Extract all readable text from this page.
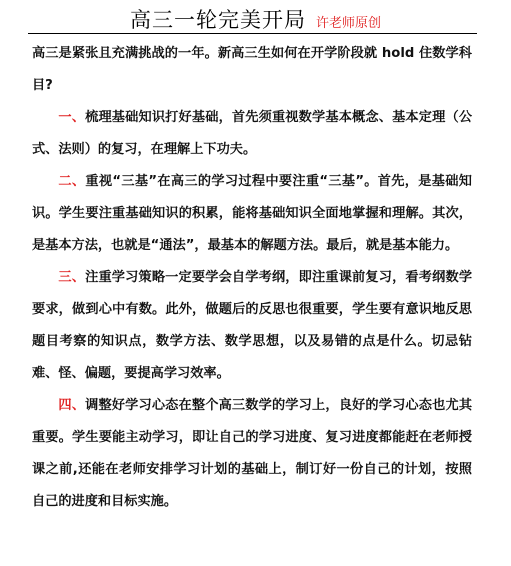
高三一轮完美开局 许老师原创

高三是紧张且充满挑战的一年。新高三生如何在开学阶段就 hold 住数学科目?

一、梳理基础知识打好基础，首先须重视数学基本概念、基本定理（公式、法则）的复习，在理解上下功夫。

二、重视“三基”在高三的学习过程中要注重“三基”。首先，是基础知识。学生要注重基础知识的积累，能将基础知识全面地掌握和理解。其次，是基本方法，也就是“通法”，最基本的解题方法。最后，就是基本能力。

三、注重学习策略一定要学会自学考纲，即注重课前复习，看考纲数学要求，做到心中有数。此外，做题后的反思也很重要，学生要有意识地反思题目考察的知识点，数学方法、数学思想，以及易错的点是什么。切忌钻难、怪、偏题，要提高学习效率。

四、调整好学习心态在整个高三数学的学习上，良好的学习心态也尤其重要。学生要能主动学习，即让自己的学习进度、复习进度都能赶在老师授课之前,还能在老师安排学习计划的基础上，制订好一份自己的计划，按照自己的进度和目标实施。
